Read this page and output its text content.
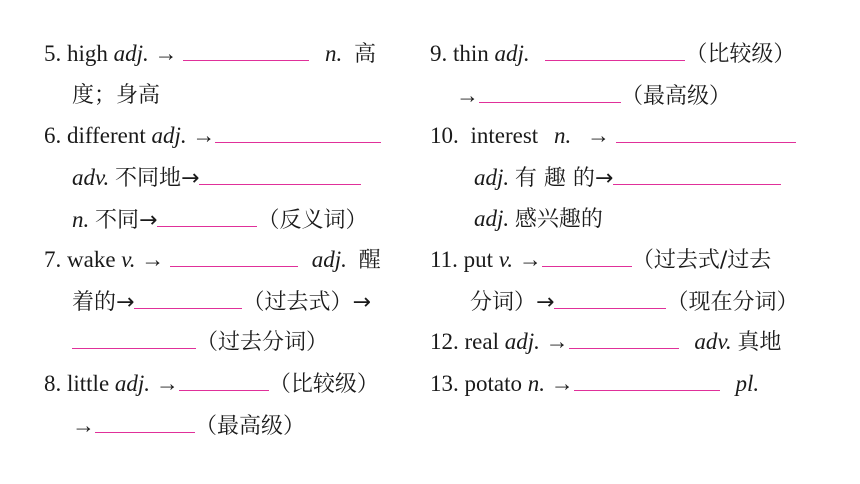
5. high adj. →	n. 高
度；身高
6. different adj. →
adv. 不同地→
n. 不同→	（反义词）
7. wake v. →	adj. 醒
着的→	（过去式）→
（过去分词）
8. little adj. →	（比较级）
→	（最高级）
9. thin adj.	（比较级）
→	（最高级）
10. interest n. →
adj. 有 趣 的→
adj. 感兴趣的
11. put v. →	（过去式/过去
分词）→	（现在分词）
12. real adj. →	adv. 真地
13. potato n. →	pl.
